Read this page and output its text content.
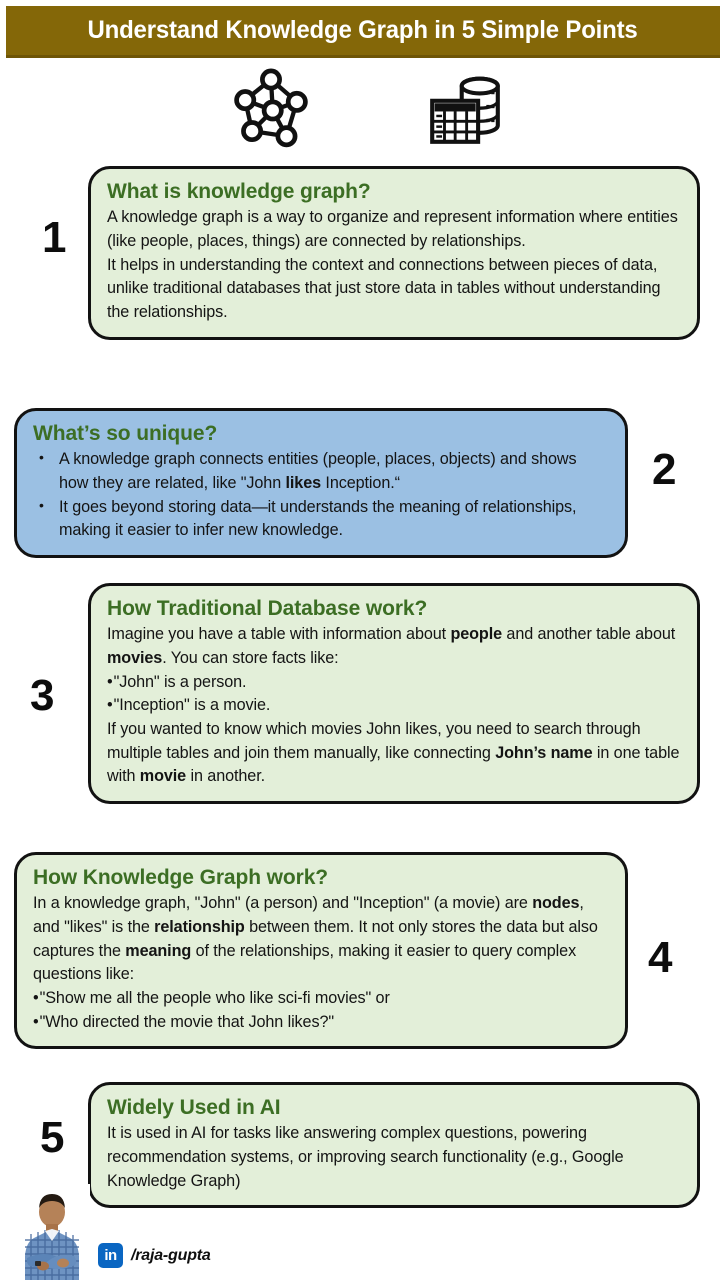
Understand Knowledge Graph in 5 Simple Points
What is knowledge graph?

A knowledge graph is a way to organize and represent information where entities (like people, places, things) are connected by relationships.

It helps in understanding the context and connections between pieces of data, unlike traditional databases that just store data in tables without understanding the relationships.

1
What’s so unique?
• A knowledge graph connects entities (people, places, objects) and shows how they are related, like "John likes Inception.“
• It goes beyond storing data—it understands the meaning of relationships, making it easier to infer new knowledge.
2
How Traditional Database work?

Imagine you have a table with information about people and another table about movies. You can store facts like:

• "John" is a person.

• "Inception" is a movie.

If you wanted to know which movies John likes, you need to search through multiple tables and join them manually, like connecting John’s name in one table with movie in another.

3
How Knowledge Graph work?

In a knowledge graph, "John" (a person) and "Inception" (a movie) are nodes, and "likes" is the relationship between them. It not only stores the data but also captures the meaning of the relationships, making it easier to query complex questions like:

• "Show me all the people who like sci-fi movies" or

• "Who directed the movie that John likes?"

4
Widely Used in AI

It is used in AI for tasks like answering complex questions, powering recommendation systems, or improving search functionality (e.g., Google Knowledge Graph)

5
in /raja-gupta
